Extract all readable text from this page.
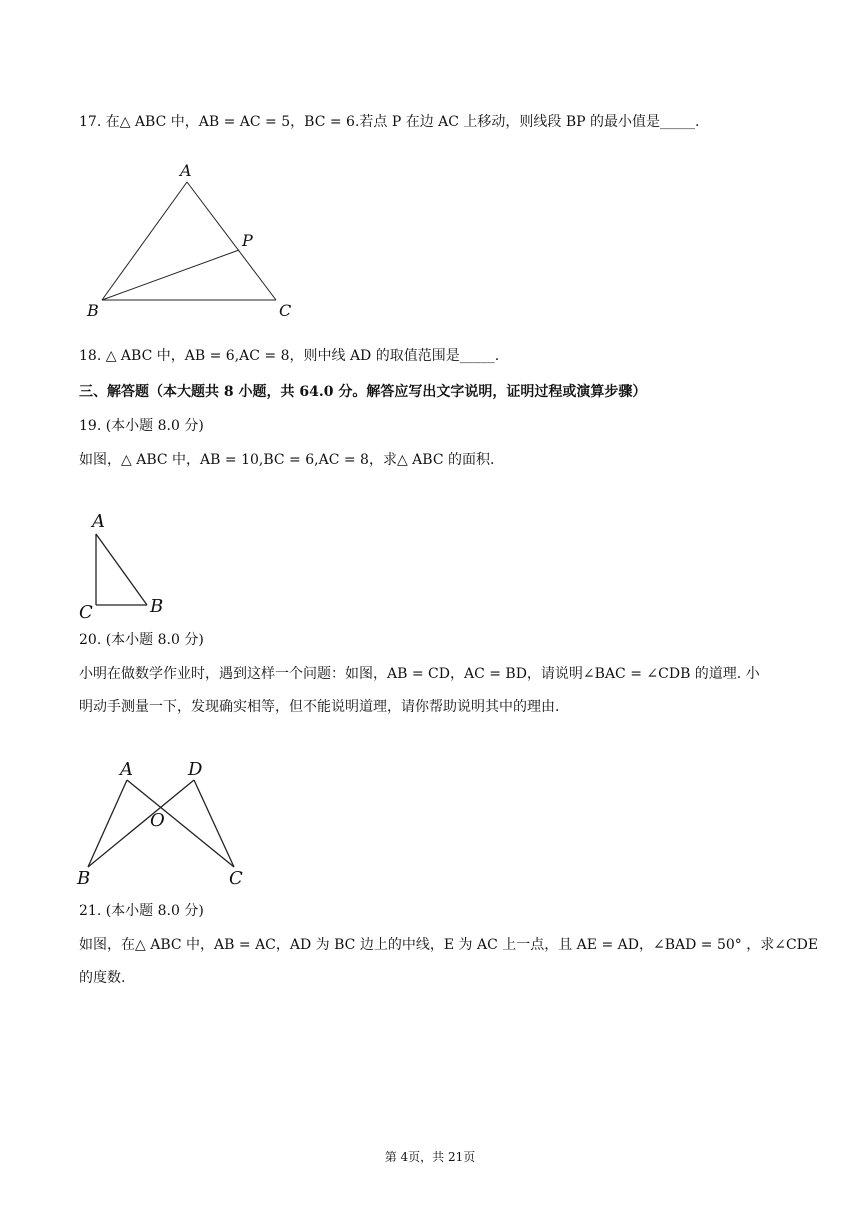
17. 在△ ABC 中，AB = AC = 5，BC = 6.若点 P 在边 AC 上移动，则线段 BP 的最小值是_____.
A
P
B	C
18. △ ABC 中，AB = 6,AC = 8，则中线 AD 的取值范围是_____.
三、解答题（本大题共 8 小题，共 64.0 分。解答应写出文字说明，证明过程或演算步骤）
19. (本小题 8.0 分)
如图，△ ABC 中，AB = 10,BC = 6,AC = 8，求△ ABC 的面积.
A
C	B
20. (本小题 8.0 分)
小明在做数学作业时，遇到这样一个问题：如图，AB = CD，AC = BD，请说明∠BAC = ∠CDB 的道理. 小
明动手测量一下，发现确实相等，但不能说明道理，请你帮助说明其中的理由.
A	D
O
B	C
21. (本小题 8.0 分)
如图，在△ ABC 中，AB = AC，AD 为 BC 边上的中线，E 为 AC 上一点，且 AE = AD，∠BAD = 50° ，求∠CDE
的度数.
第 4页，共 21页
